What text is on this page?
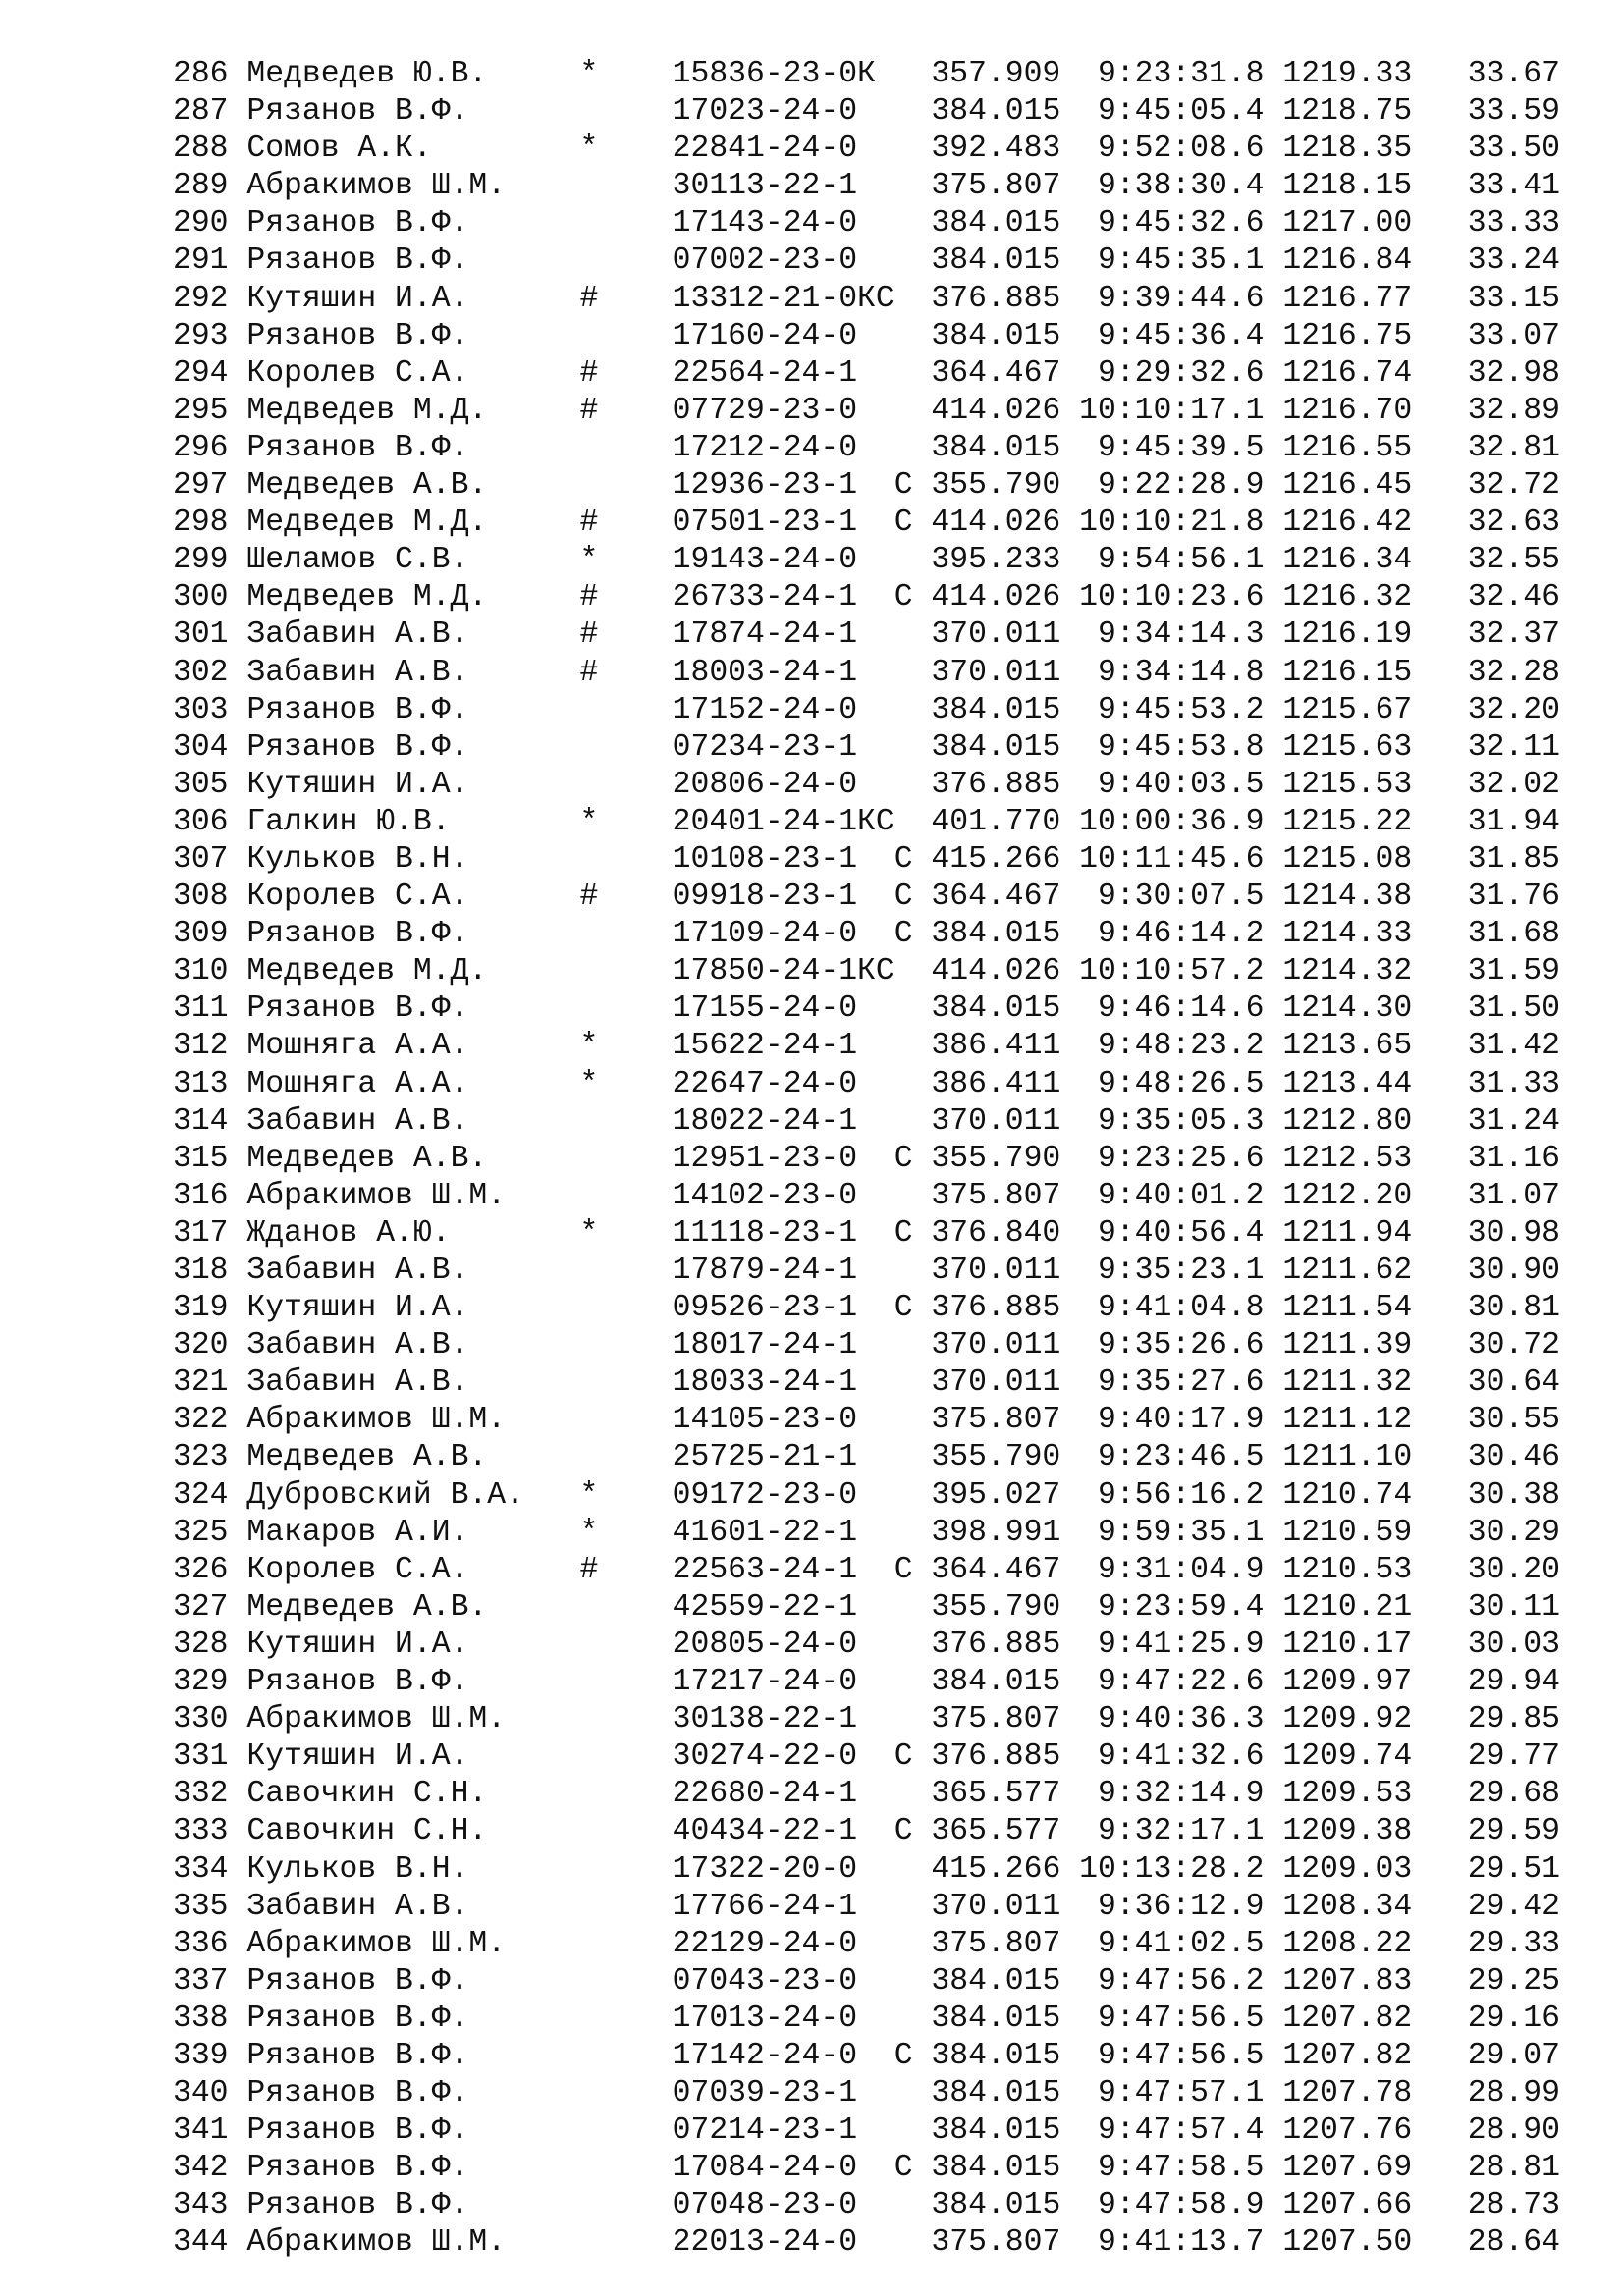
286 Медведев Ю.В.	* 15836-23-0К 357.909 9:23:31.8 1219.33 33.67
287 Рязанов В.Ф.	17023-24-0 384.015 9:45:05.4 1218.75 33.59
288 Сомов А.К.	* 22841-24-0 392.483 9:52:08.6 1218.35 33.50
289 Абракимов Ш.М.	30113-22-1 375.807 9:38:30.4 1218.15 33.41
290 Рязанов В.Ф.	17143-24-0 384.015 9:45:32.6 1217.00 33.33
291 Рязанов В.Ф.	07002-23-0 384.015 9:45:35.1 1216.84 33.24
292 Кутяшин И.А.	# 13312-21-0КС 376.885 9:39:44.6 1216.77 33.15
293 Рязанов В.Ф.	17160-24-0 384.015 9:45:36.4 1216.75 33.07
294 Королев С.А.	# 22564-24-1 364.467 9:29:32.6 1216.74 32.98
295 Медведев М.Д.	# 07729-23-0 414.026 10:10:17.1 1216.70 32.89
296 Рязанов В.Ф.	17212-24-0 384.015 9:45:39.5 1216.55 32.81
297 Медведев А.В.	12936-23-1 С 355.790 9:22:28.9 1216.45 32.72
298 Медведев М.Д.	# 07501-23-1 С 414.026 10:10:21.8 1216.42 32.63
299 Шеламов С.В.	* 19143-24-0 395.233 9:54:56.1 1216.34 32.55
300 Медведев М.Д.	# 26733-24-1 С 414.026 10:10:23.6 1216.32 32.46
301 Забавин А.В.	# 17874-24-1 370.011 9:34:14.3 1216.19 32.37
302 Забавин А.В.	# 18003-24-1 370.011 9:34:14.8 1216.15 32.28
303 Рязанов В.Ф.	17152-24-0 384.015 9:45:53.2 1215.67 32.20
304 Рязанов В.Ф.	07234-23-1 384.015 9:45:53.8 1215.63 32.11
305 Кутяшин И.А.	20806-24-0 376.885 9:40:03.5 1215.53 32.02
306 Галкин Ю.В.	* 20401-24-1КС 401.770 10:00:36.9 1215.22 31.94
307 Кульков В.Н.	10108-23-1 С 415.266 10:11:45.6 1215.08 31.85
308 Королев С.А.	# 09918-23-1 С 364.467 9:30:07.5 1214.38 31.76
309 Рязанов В.Ф.	17109-24-0 С 384.015 9:46:14.2 1214.33 31.68
310 Медведев М.Д.	17850-24-1КС 414.026 10:10:57.2 1214.32 31.59
311 Рязанов В.Ф.	17155-24-0 384.015 9:46:14.6 1214.30 31.50
312 Мошняга А.А.	* 15622-24-1 386.411 9:48:23.2 1213.65 31.42
313 Мошняга А.А.	* 22647-24-0 386.411 9:48:26.5 1213.44 31.33
314 Забавин А.В.	18022-24-1 370.011 9:35:05.3 1212.80 31.24
315 Медведев А.В.	12951-23-0 С 355.790 9:23:25.6 1212.53 31.16
316 Абракимов Ш.М.	14102-23-0 375.807 9:40:01.2 1212.20 31.07
317 Жданов А.Ю.	* 11118-23-1 С 376.840 9:40:56.4 1211.94 30.98
318 Забавин А.В.	17879-24-1 370.011 9:35:23.1 1211.62 30.90
319 Кутяшин И.А.	09526-23-1 С 376.885 9:41:04.8 1211.54 30.81
320 Забавин А.В.	18017-24-1 370.011 9:35:26.6 1211.39 30.72
321 Забавин А.В.	18033-24-1 370.011 9:35:27.6 1211.32 30.64
322 Абракимов Ш.М.	14105-23-0 375.807 9:40:17.9 1211.12 30.55
323 Медведев А.В.	25725-21-1 355.790 9:23:46.5 1211.10 30.46
324 Дубровский В.А. * 09172-23-0 395.027 9:56:16.2 1210.74 30.38
325 Макаров А.И.	* 41601-22-1 398.991 9:59:35.1 1210.59 30.29
326 Королев С.А.	# 22563-24-1 С 364.467 9:31:04.9 1210.53 30.20
327 Медведев А.В.	42559-22-1 355.790 9:23:59.4 1210.21 30.11
328 Кутяшин И.А.	20805-24-0 376.885 9:41:25.9 1210.17 30.03
329 Рязанов В.Ф.	17217-24-0 384.015 9:47:22.6 1209.97 29.94
330 Абракимов Ш.М.	30138-22-1 375.807 9:40:36.3 1209.92 29.85
331 Кутяшин И.А.	30274-22-0 С 376.885 9:41:32.6 1209.74 29.77
332 Савочкин С.Н.	22680-24-1 365.577 9:32:14.9 1209.53 29.68
333 Савочкин С.Н.	40434-22-1 С 365.577 9:32:17.1 1209.38 29.59
334 Кульков В.Н.	17322-20-0 415.266 10:13:28.2 1209.03 29.51
335 Забавин А.В.	17766-24-1 370.011 9:36:12.9 1208.34 29.42
336 Абракимов Ш.М.	22129-24-0 375.807 9:41:02.5 1208.22 29.33
337 Рязанов В.Ф.	07043-23-0 384.015 9:47:56.2 1207.83 29.25
338 Рязанов В.Ф.	17013-24-0 384.015 9:47:56.5 1207.82 29.16
339 Рязанов В.Ф.	17142-24-0 С 384.015 9:47:56.5 1207.82 29.07
340 Рязанов В.Ф.	07039-23-1 384.015 9:47:57.1 1207.78 28.99
341 Рязанов В.Ф.	07214-23-1 384.015 9:47:57.4 1207.76 28.90
342 Рязанов В.Ф.	17084-24-0 С 384.015 9:47:58.5 1207.69 28.81
343 Рязанов В.Ф.	07048-23-0 384.015 9:47:58.9 1207.66 28.73
344 Абракимов Ш.М.	22013-24-0 375.807 9:41:13.7 1207.50 28.64
